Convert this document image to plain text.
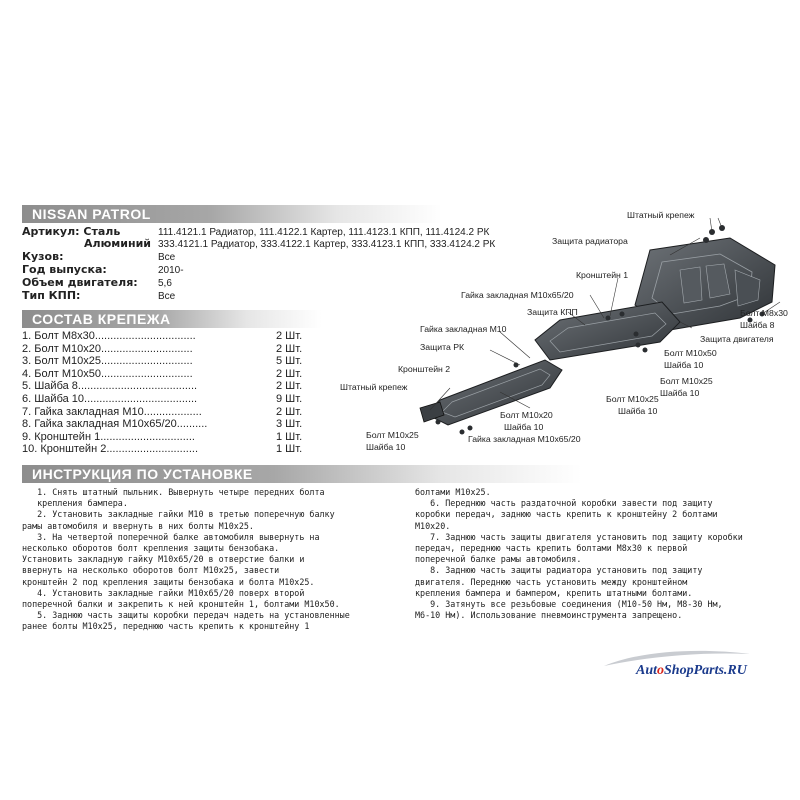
NISSAN PATROL
Артикул: Сталь	111.4121.1 Радиатор, 111.4122.1 Картер, 111.4123.1 КПП, 111.4124.2 РК
Алюминий 333.4121.1 Радиатор, 333.4122.1 Картер, 333.4123.1 КПП, 333.4124.2 РК
Кузов:	Все
Год выпуска:	2010-
Объем двигателя: 5,6
Тип КПП:	Все
СОСТАВ КРЕПЕЖА
1. Болт М8х30.................................	2 Шт.
2. Болт М10х20..............................	2 Шт.
3. Болт М10х25..............................	5 Шт.
4. Болт М10х50..............................	2 Шт.
5. Шайба 8.......................................	2 Шт.
6. Шайба 10.....................................	9 Шт.
7. Гайка закладная М10...................	2 Шт.
8. Гайка закладная М10х65/20..........	3 Шт.
9. Кронштейн 1...............................	1 Шт.
10. Кронштейн 2..............................	1 Шт.
ИНСТРУКЦИЯ ПО УСТАНОВКЕ
1. Снять штатный пыльник. Вывернуть четыре передних болта
крепления бампера.
2. Установить закладные гайки М10 в третью поперечную балку
рамы автомобиля и ввернуть в них болты М10х25.
3. На четвертой поперечной балке автомобиля вывернуть на
несколько оборотов болт крепления защиты бензобака.
Установить закладную гайку М10х65/20 в отверстие балки и
ввернуть на несколько оборотов болт М10х25, завести
кронштейн 2 под крепления защиты бензобака и болта М10х25.
4. Установить закладные гайки М10х65/20 поверх второй
поперечной балки и закрепить к ней кронштейн 1, болтами М10х50.
5. Заднюю часть защиты коробки передач надеть на установленные
ранее болты М10х25, переднюю часть крепить к кронштейну 1
болтами М10х25.
6. Переднюю часть раздаточной коробки завести под защиту
коробки передач, заднюю часть крепить к кронштейну 2 болтами
М10х20.
7. Заднюю часть защиты двигателя установить под защиту коробки
передач, переднюю часть крепить болтами М8х30 к первой
поперечной балке рамы автомобиля.
8. Заднюю часть защиты радиатора установить под защиту
двигателя. Переднюю часть установить между кронштейном
крепления бампера и бампером, крепить штатными болтами.
9. Затянуть все резьбовые соединения (М10-50 Нм, М8-30 Нм,
М6-10 Нм). Использование пневмоинструмента запрещено.
Штатный крепеж
Защита радиатора
Кронштейн 1
Гайка закладная М10х65/20
Защита КПП	Болт М8х30
Шайба 8
Гайка закладная М10
Защита двигателя
Защита РК
Болт М10х50
Шайба 10
Кронштейн 2
Болт М10х25
Шайба 10
Штатный крепеж
Болт М10х25
Шайба 10
Болт М10х20
Шайба 10
Болт М10х25
Шайба 10
Гайка закладная М10х65/20
AutoShopParts.RU
